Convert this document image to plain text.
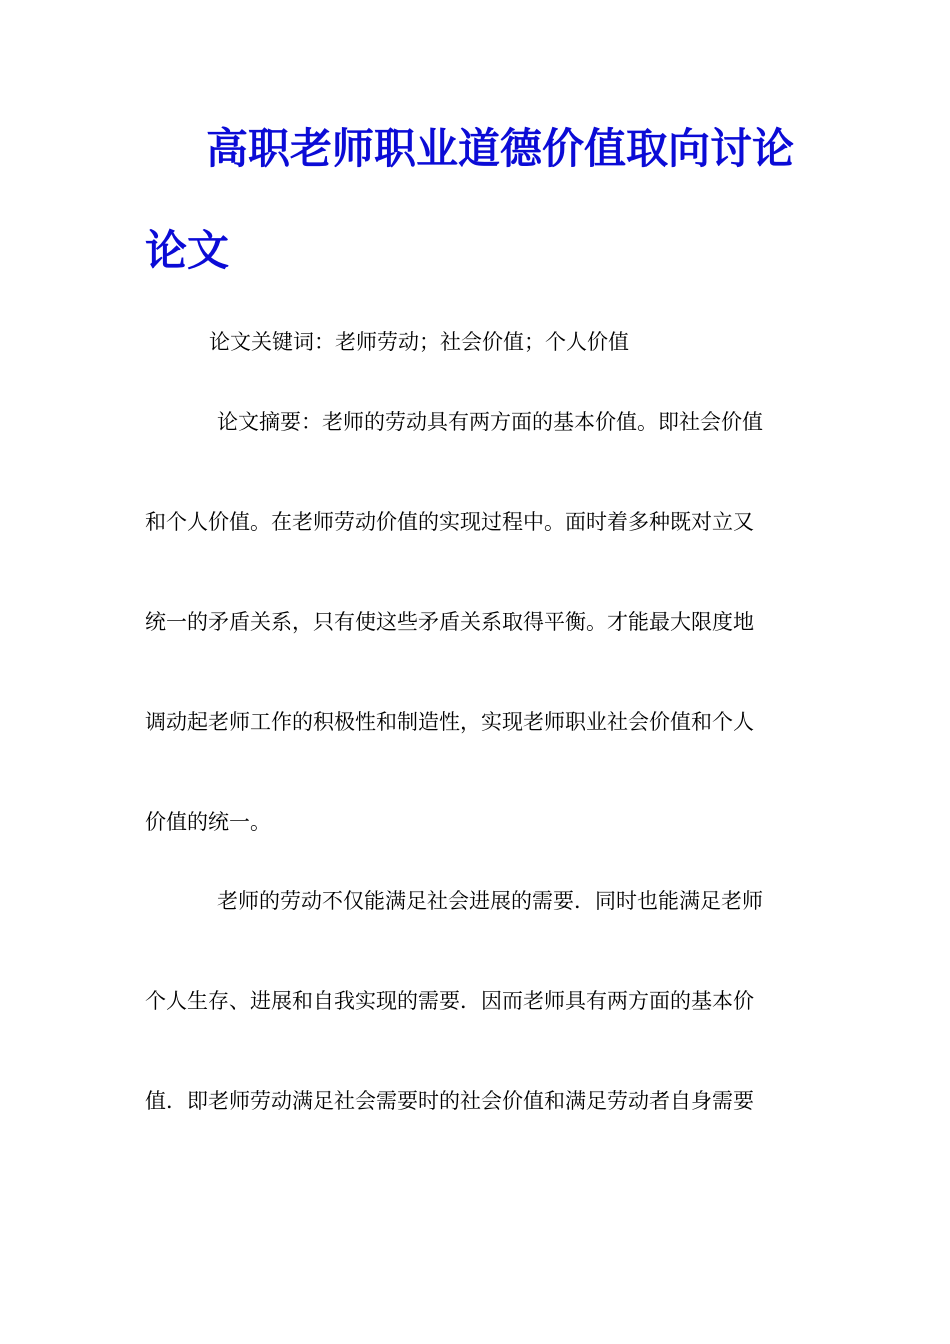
高职老师职业道德价值取向讨论
论文
论文关键词：老师劳动；社会价值；个人价值
论文摘要：老师的劳动具有两方面的基本价值。即社会价值
和个人价值。在老师劳动价值的实现过程中。面时着多种既对立又
统一的矛盾关系，只有使这些矛盾关系取得平衡。才能最大限度地
调动起老师工作的积极性和制造性，实现老师职业社会价值和个人
价值的统一。
老师的劳动不仅能满足社会进展的需要．同时也能满足老师
个人生存、进展和自我实现的需要．因而老师具有两方面的基本价
值．即老师劳动满足社会需要时的社会价值和满足劳动者自身需要
